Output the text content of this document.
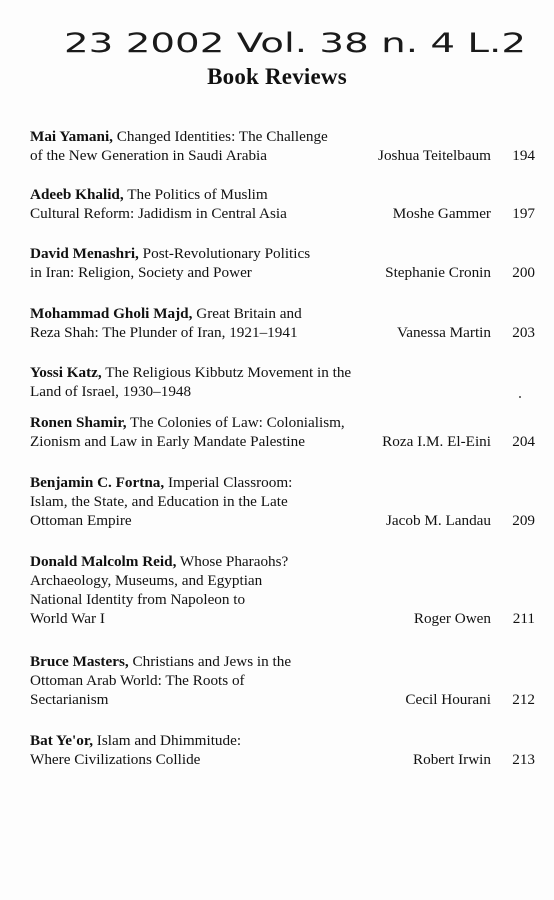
23 2002 Vol. 38 n. 4 L.2
Book Reviews
Mai Yamani, Changed Identities: The Challenge
of the New Generation in Saudi Arabia	Joshua Teitelbaum 194
Adeeb Khalid, The Politics of Muslim
Cultural Reform: Jadidism in Central Asia	Moshe Gammer 197
David Menashri, Post-Revolutionary Politics
in Iran: Religion, Society and Power	Stephanie Cronin 200
Mohammad Gholi Majd, Great Britain and
Reza Shah: The Plunder of Iran, 1921–1941	Vanessa Martin 203
Yossi Katz, The Religious Kibbutz Movement in the
Land of Israel, 1930–1948
Ronen Shamir, The Colonies of Law: Colonialism,
Zionism and Law in Early Mandate Palestine	Roza I.M. El-Eini 204
Benjamin C. Fortna, Imperial Classroom:
Islam, the State, and Education in the Late
Ottoman Empire	Jacob M. Landau 209
Donald Malcolm Reid, Whose Pharaohs?
Archaeology, Museums, and Egyptian
National Identity from Napoleon to
World War I	Roger Owen 211
Bruce Masters, Christians and Jews in the
Ottoman Arab World: The Roots of
Sectarianism	Cecil Hourani 212
Bat Ye'or, Islam and Dhimmitude:
Where Civilizations Collide	Robert Irwin 213
